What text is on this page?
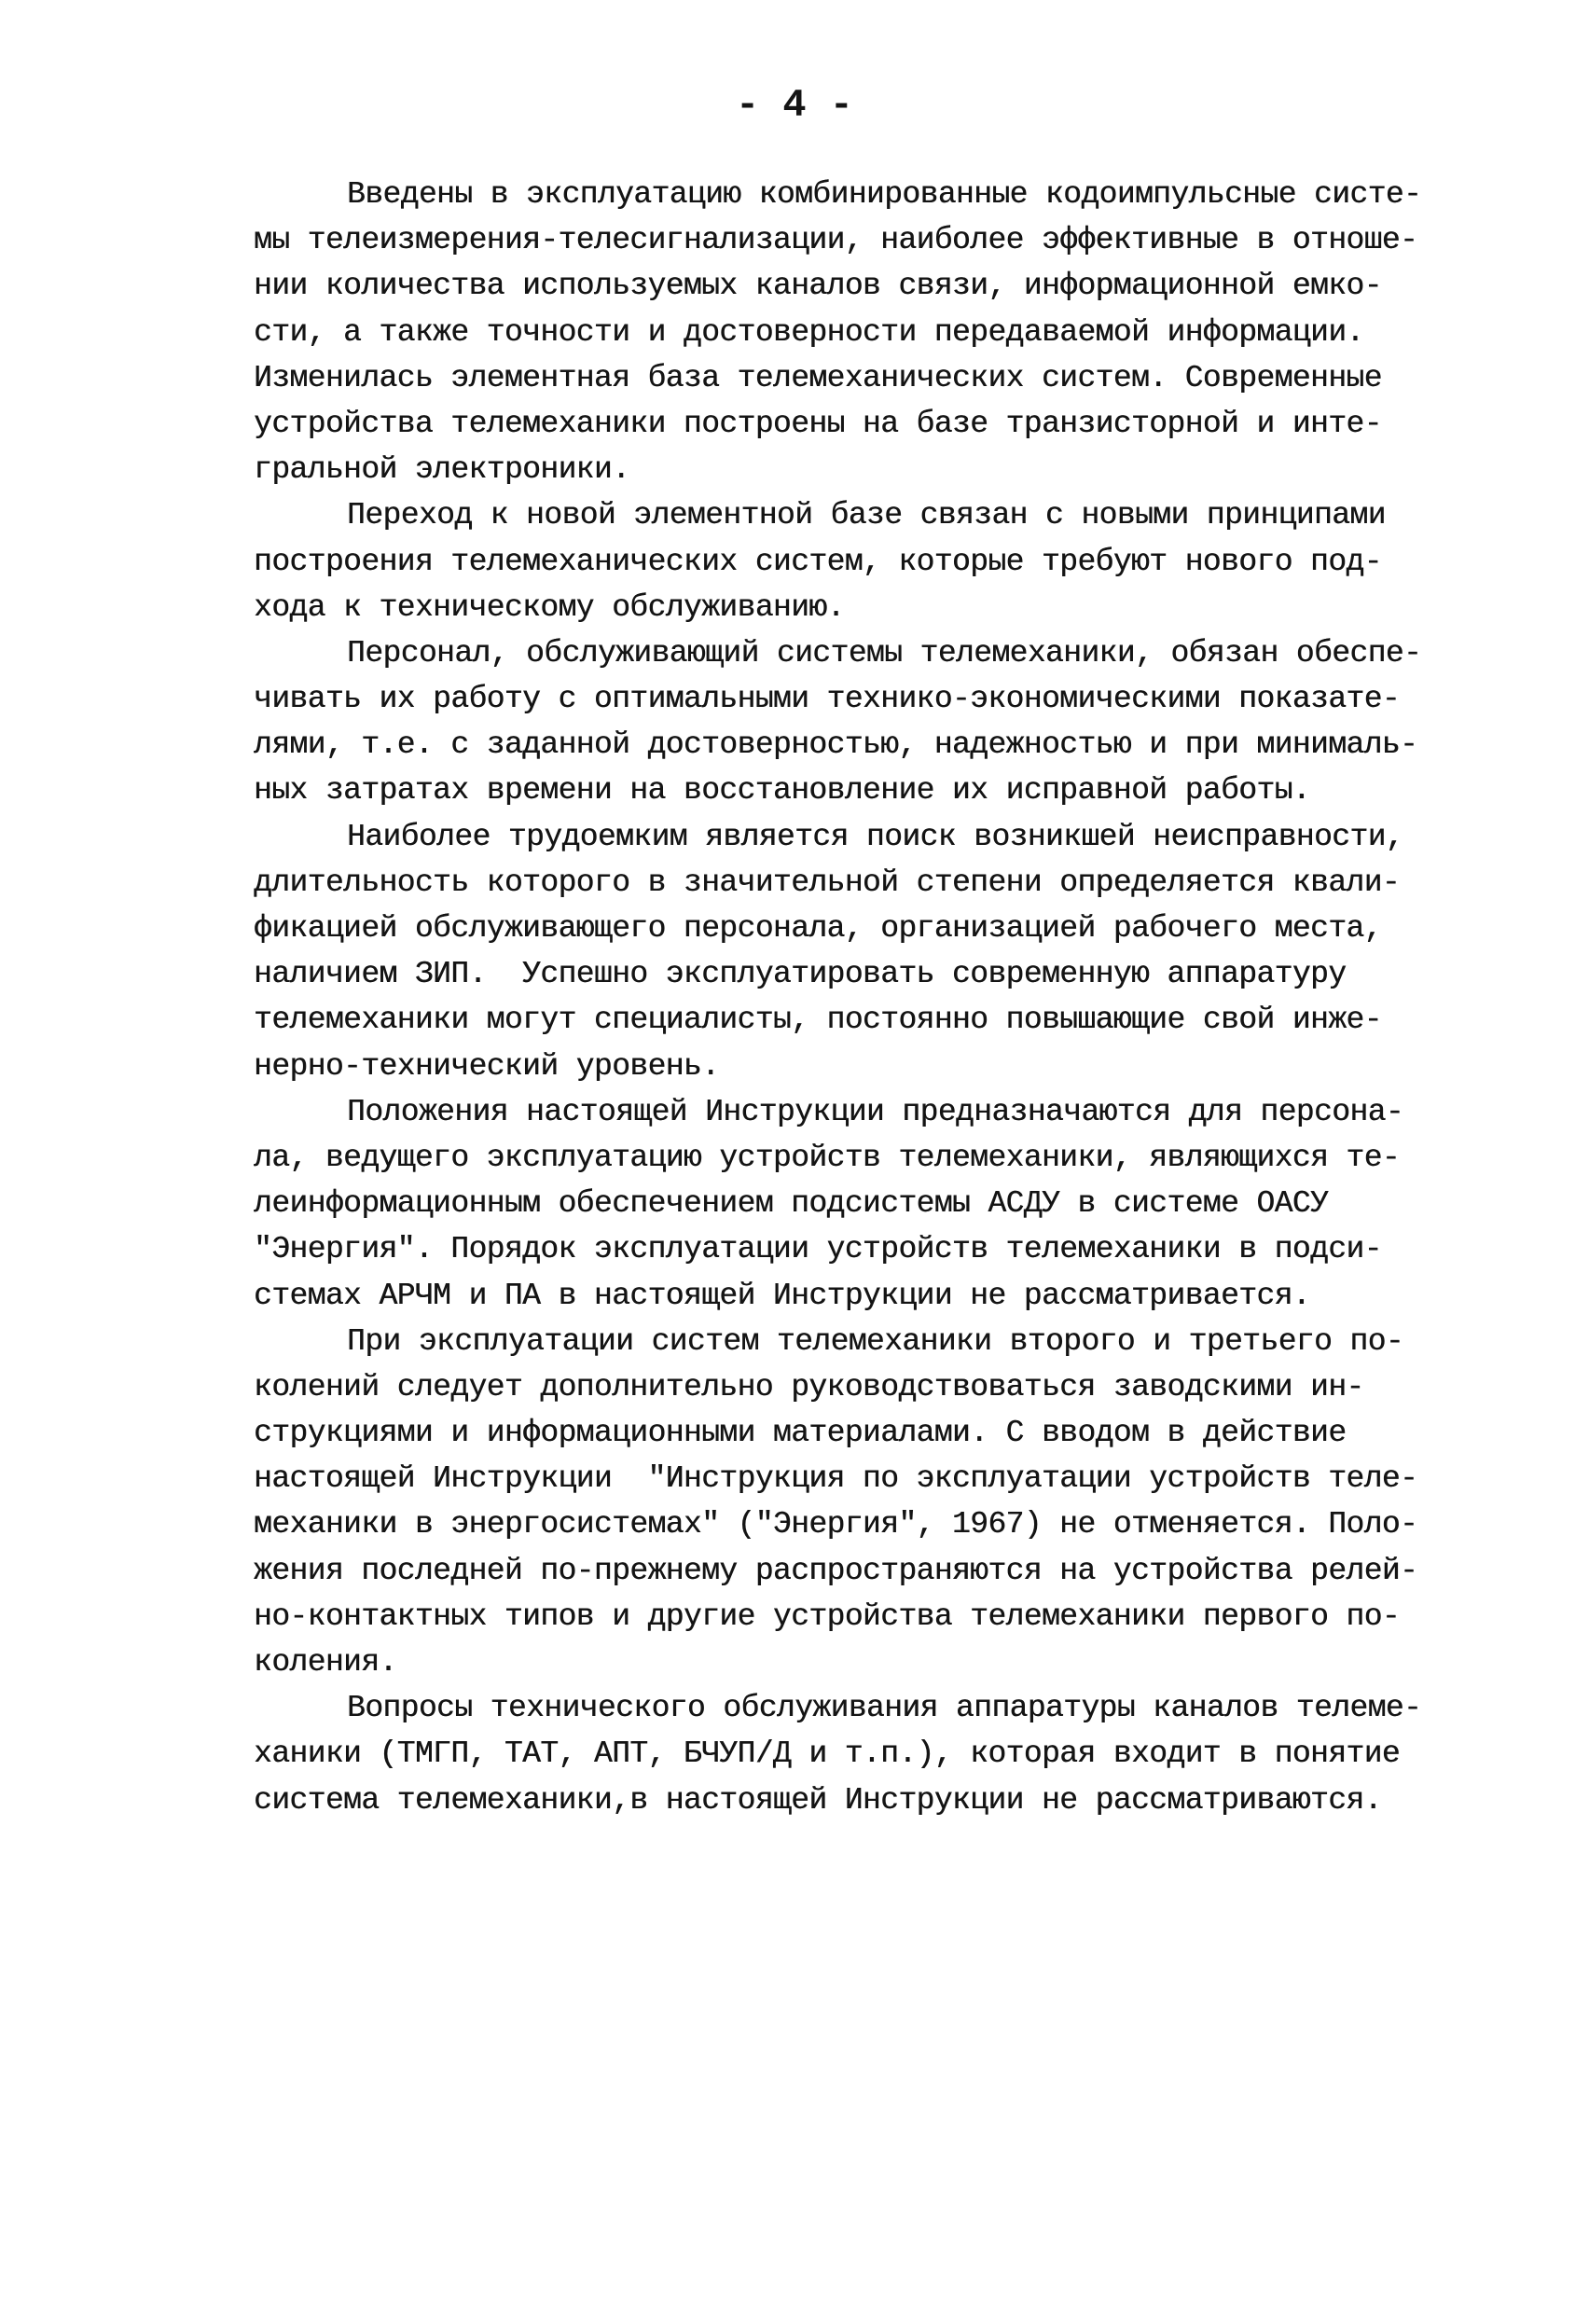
- 4 -
Введены в эксплуатацию комбинированные кодоимпульсные систе-
мы телеизмерения-телесигнализации, наиболее эффективные в отноше-
нии количества используемых каналов связи, информационной емко-
сти, а также точности и достоверности передаваемой информации.
Изменилась элементная база телемеханических систем. Современные
устройства телемеханики построены на базе транзисторной и инте-
гральной электроники.
Переход к новой элементной базе связан с новыми принципами
построения телемеханических систем, которые требуют нового под-
хода к техническому обслуживанию.
Персонал, обслуживающий системы телемеханики, обязан обеспе-
чивать их работу с оптимальными технико-экономическими показате-
лями, т.е. с заданной достоверностью, надежностью и при минималь-
ных затратах времени на восстановление их исправной работы.
Наиболее трудоемким является поиск возникшей неисправности,
длительность которого в значительной степени определяется квали-
фикацией обслуживающего персонала, организацией рабочего места,
наличием ЗИП.  Успешно эксплуатировать современную аппаратуру
телемеханики могут специалисты, постоянно повышающие свой инже-
нерно-технический уровень.
Положения настоящей Инструкции предназначаются для персона-
ла, ведущего эксплуатацию устройств телемеханики, являющихся те-
леинформационным обеспечением подсистемы АСДУ в системе ОАСУ
"Энергия". Порядок эксплуатации устройств телемеханики в подси-
стемах АРЧМ и ПА в настоящей Инструкции не рассматривается.
При эксплуатации систем телемеханики второго и третьего по-
колений следует дополнительно руководствоваться заводскими ин-
струкциями и информационными материалами. С вводом в действие
настоящей Инструкции  "Инструкция по эксплуатации устройств теле-
механики в энергосистемах" ("Энергия", 1967) не отменяется. Поло-
жения последней по-прежнему распространяются на устройства релей-
но-контактных типов и другие устройства телемеханики первого по-
коления.
Вопросы технического обслуживания аппаратуры каналов телеме-
ханики (ТМГП, ТАТ, АПТ, БЧУП/Д и т.п.), которая входит в понятие
система телемеханики,в настоящей Инструкции не рассматриваются.
